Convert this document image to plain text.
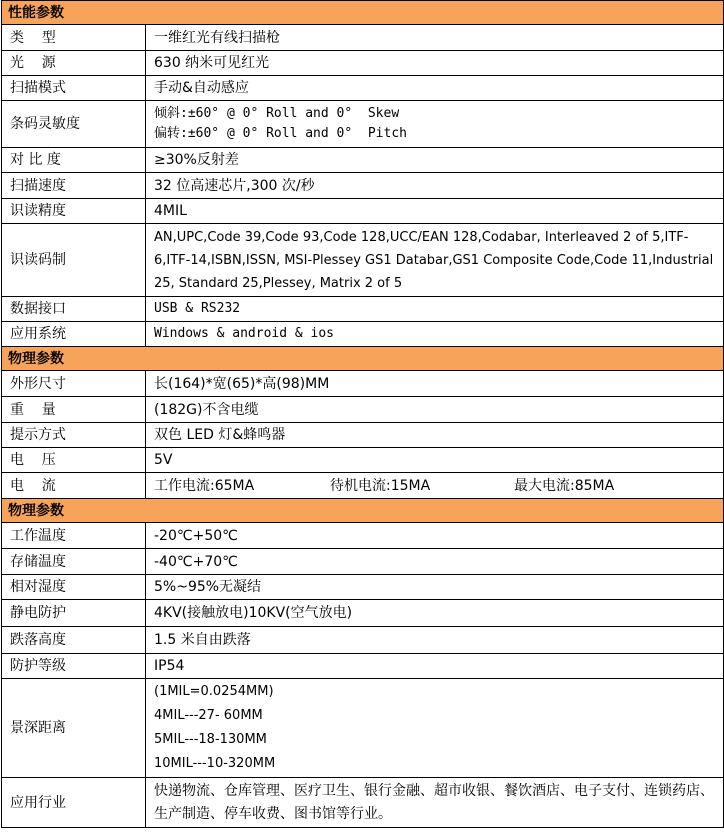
性能参数	
类    型	一维红光有线扫描枪
光    源	630 纳米可见红光
扫描模式	手动&自动感应
条码灵敏度	倾斜:±60° @ 0° Roll and 0°  Skew
偏转:±60° @ 0° Roll and 0°  Pitch

对 比 度	≥30%反射差
扫描速度	32 位高速芯片,300 次/秒
识读精度	4MIL
识读码制	AN,UPC,Code 39,Code 93,Code 128,UCC/EAN 128,Codabar, Interleaved 2 of 5,ITF-6,ITF-14,ISBN,ISSN, MSI-Plessey GS1 Databar,GS1 Composite Code,Code 11,Industrial 25, Standard 25,Plessey, Matrix 2 of 5
数据接口	USB & RS232
应用系统	Windows & android & ios
物理参数	
外形尺寸	长(164)*宽(65)*高(98)MM
重    量	(182G)不含电缆
提示方式	双色 LED 灯&蜂鸣器
电    压	5V
电    流	工作电流:65MA 待机电流:15MA 最大电流:85MA

物理参数	
工作温度	-20℃+50℃
存储温度	-40℃+70℃
相对湿度	5%~95%无凝结
静电防护	4KV(接触放电)10KV(空气放电)
跌落高度	1.5 米自由跌落
防护等级	IP54
景深距离	(1MIL=0.0254MM)
4MIL---27- 60MM
5MIL---18-130MM
10MIL---10-320MM

应用行业	快递物流、仓库管理、医疗卫生、银行金融、超市收银、餐饮酒店、电子支付、连锁药店、生产制造、停车收费、图书馆等行业。
